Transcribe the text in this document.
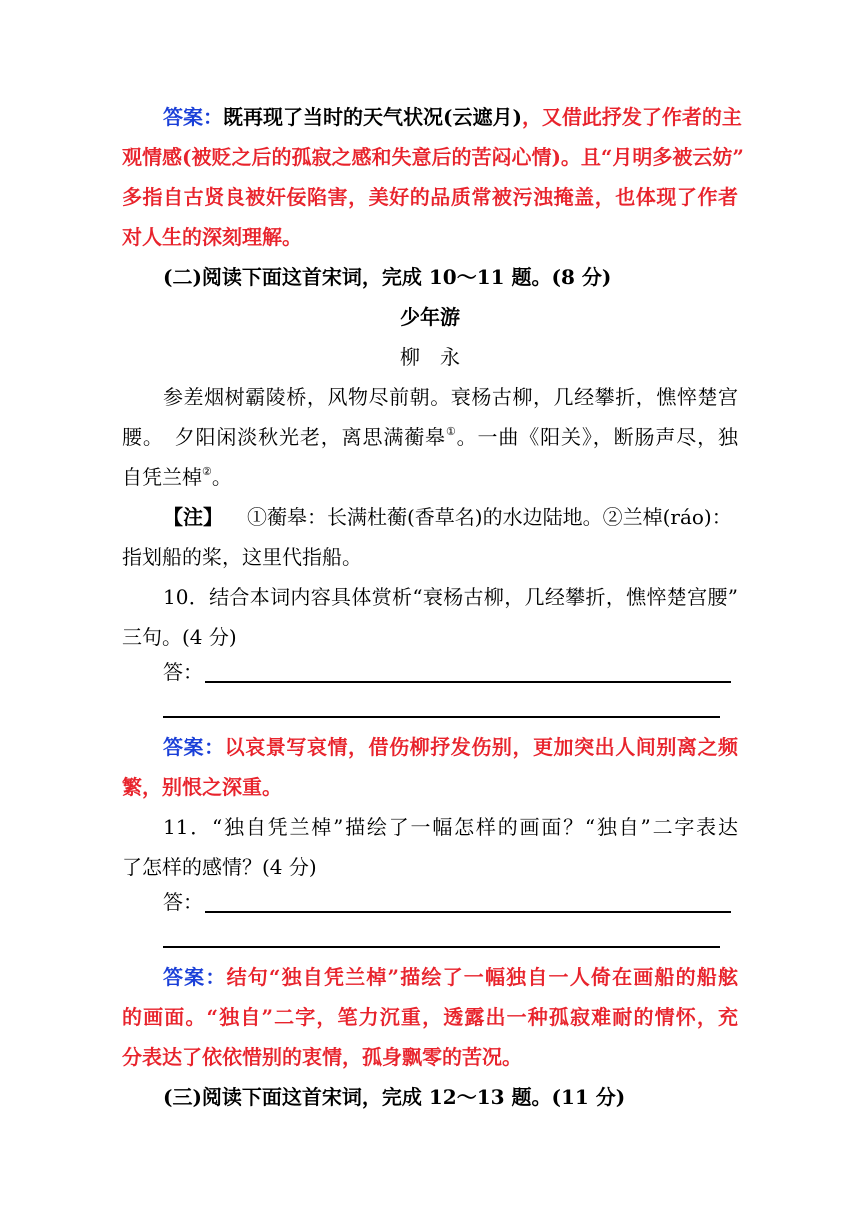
答案：既再现了当时的天气状况(云遮月)，又借此抒发了作者的主
观情感(被贬之后的孤寂之感和失意后的苦闷心情)。且“月明多被云妨”
多指自古贤良被奸佞陷害，美好的品质常被污浊掩盖，也体现了作者
对人生的深刻理解。
(二)阅读下面这首宋词，完成 10～11 题。(8 分)
少年游
柳　永
参差烟树霸陵桥，风物尽前朝。衰杨古柳，几经攀折，憔悴楚宫
腰。　夕阳闲淡秋光老，离思满蘅皋①。一曲《阳关》，断肠声尽，独
自凭兰棹②。
【注】 ①蘅皋：长满杜蘅(香草名)的水边陆地。②兰棹(ráo)：
指划船的桨，这里代指船。
10．结合本词内容具体赏析“衰杨古柳，几经攀折，憔悴楚宫腰”
三句。(4 分)
答：
答案：以哀景写哀情，借伤柳抒发伤别，更加突出人间别离之频
繁，别恨之深重。
11．“独自凭兰棹”描绘了一幅怎样的画面？“独自”二字表达
了怎样的感情？(4 分)
答：
答案：结句“独自凭兰棹”描绘了一幅独自一人倚在画船的船舷
的画面。“独自”二字，笔力沉重，透露出一种孤寂难耐的情怀，充
分表达了依依惜别的衷情，孤身飘零的苦况。
(三)阅读下面这首宋词，完成 12～13 题。(11 分)
